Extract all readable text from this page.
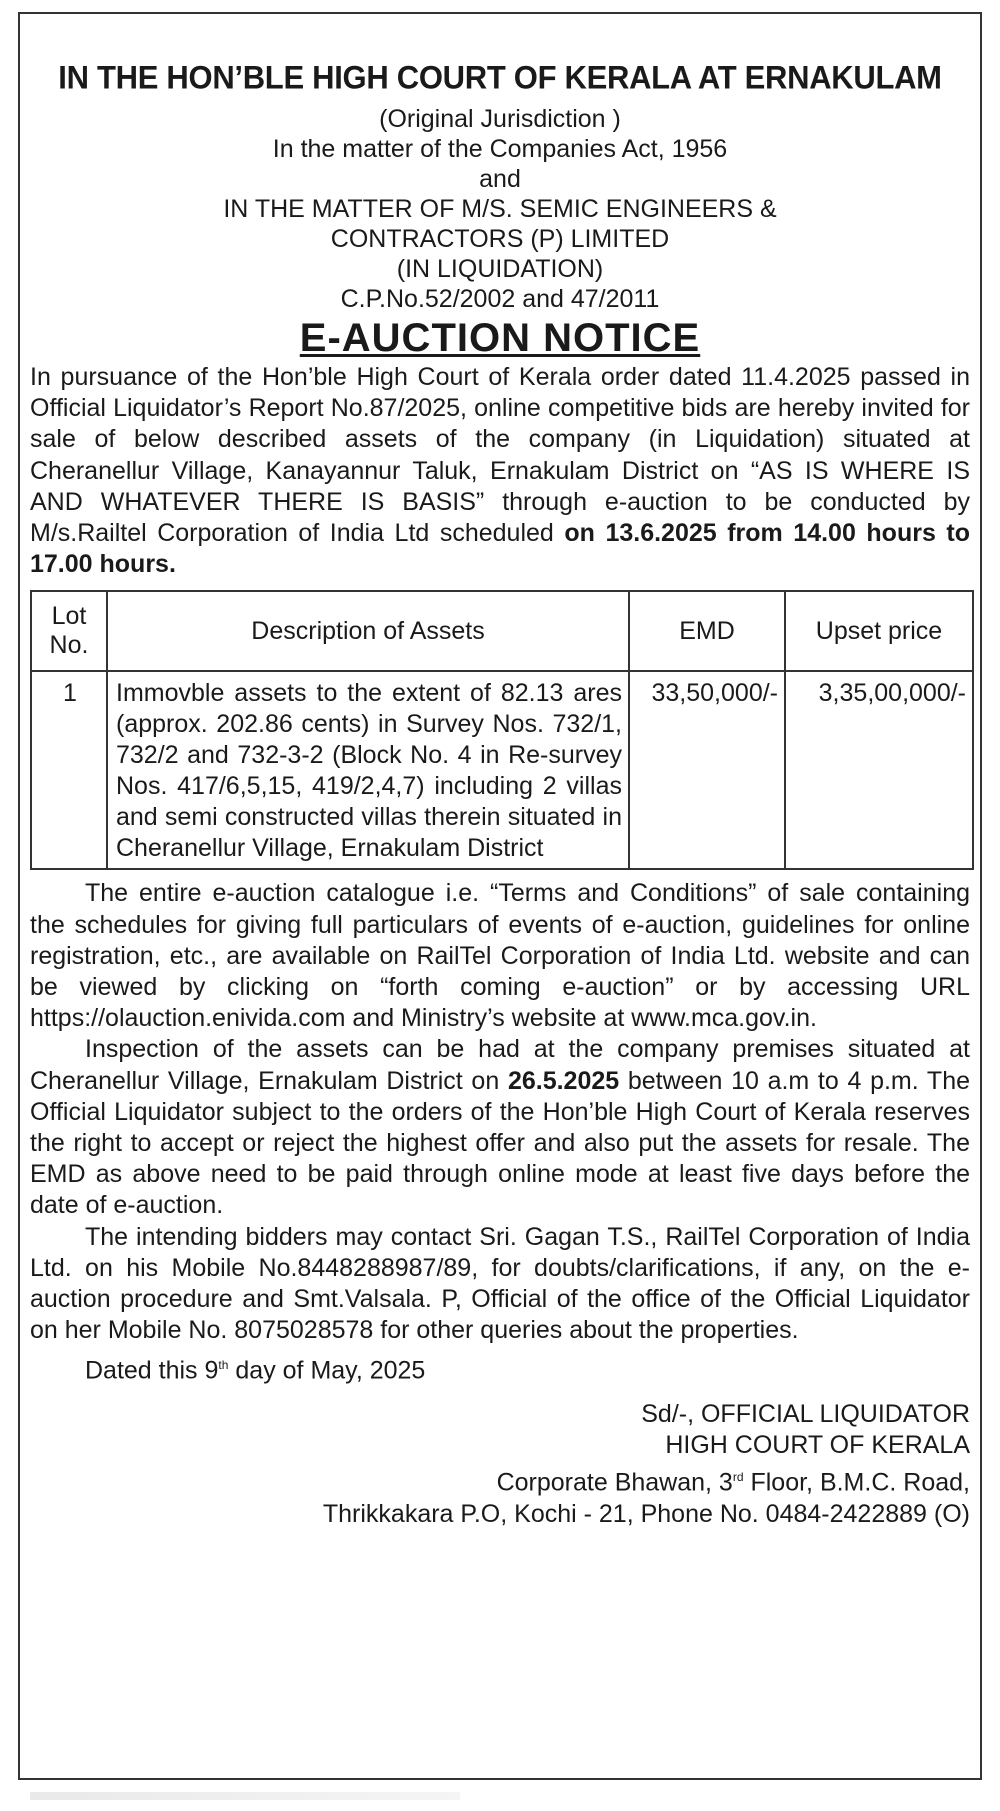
IN THE HON’BLE HIGH COURT OF KERALA AT ERNAKULAM
(Original Jurisdiction )
In the matter of the Companies Act, 1956
and
IN THE MATTER OF M/S. SEMIC ENGINEERS &
CONTRACTORS (P) LIMITED
(IN LIQUIDATION)
C.P.No.52/2002 and 47/2011
E-AUCTION NOTICE

In pursuance of the Hon’ble High Court of Kerala order dated 11.4.2025 passed in Official Liquidator’s Report No.87/2025, online competitive bids are hereby invited for sale of below described assets of the company (in Liquidation) situated at Cheranellur Village, Kanayannur Taluk, Ernakulam District on “AS IS WHERE IS AND WHATEVER THERE IS BASIS” through e-auction to be conducted by M/s.Railtel Corporation of India Ltd scheduled on 13.6.2025 from 14.00 hours to 17.00 hours.

Lot
No.	Description of Assets	EMD	Upset price
1	Immovble assets to the extent of 82.13 ares (approx. 202.86 cents) in Survey Nos. 732/1, 732/2 and 732-3-2 (Block No. 4 in Re-survey Nos. 417/6,5,15, 419/2,4,7) including 2 villas and semi constructed villas therein situated in Cheranellur Village, Ernakulam District	33,50,000/-	3,35,00,000/-

The entire e-auction catalogue i.e. “Terms and Conditions” of sale containing the schedules for giving full particulars of events of e-auction, guidelines for online registration, etc., are available on RailTel Corporation of India Ltd. website and can be viewed by clicking on “forth coming e-auction” or by accessing URL https://olauction.enivida.com and Ministry’s website at www.mca.gov.in.

Inspection of the assets can be had at the company premises situated at Cheranellur Village, Ernakulam District on 26.5.2025 between 10 a.m to 4 p.m. The Official Liquidator subject to the orders of the Hon’ble High Court of Kerala reserves the right to accept or reject the highest offer and also put the assets for resale. The EMD as above need to be paid through online mode at least five days before the date of e-auction.

The intending bidders may contact Sri. Gagan T.S., RailTel Corporation of India Ltd. on his Mobile No.8448288987/89, for doubts/clarifications, if any, on the e-auction procedure and Smt.Valsala. P, Official of the office of the Official Liquidator on her Mobile No. 8075028578 for other queries about the properties.

Dated this 9th day of May, 2025
Sd/-, OFFICIAL LIQUIDATOR
HIGH COURT OF KERALA
Corporate Bhawan, 3rd Floor, B.M.C. Road,
Thrikkakara P.O, Kochi - 21, Phone No. 0484-2422889 (O)
